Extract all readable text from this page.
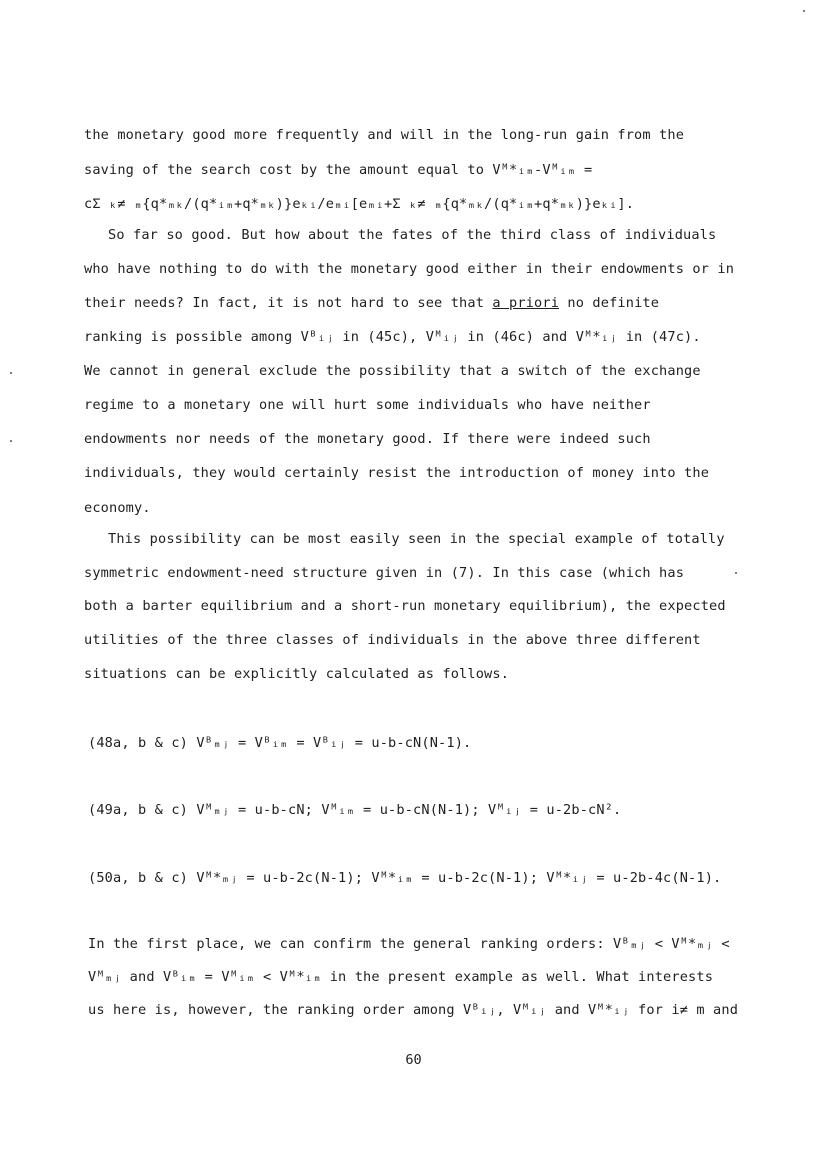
the monetary good more frequently and will in the long-run gain from the
saving of the search cost by the amount equal to Vᴹ*ᵢₘ-Vᴹᵢₘ =
cΣ ₖ≠ ₘ{q*ₘₖ/(q*ᵢₘ+q*ₘₖ)}eₖᵢ/eₘᵢ[eₘᵢ+Σ ₖ≠ ₘ{q*ₘₖ/(q*ᵢₘ+q*ₘₖ)}eₖᵢ].
So far so good. But how about the fates of the third class of individuals
who have nothing to do with the monetary good either in their endowments or in
their needs? In fact, it is not hard to see that a priori no definite
ranking is possible among Vᴮᵢⱼ in (45c), Vᴹᵢⱼ in (46c) and Vᴹ*ᵢⱼ in (47c).
We cannot in general exclude the possibility that a switch of the exchange
regime to a monetary one will hurt some individuals who have neither
endowments nor needs of the monetary good. If there were indeed such
individuals, they would certainly resist the introduction of money into the
economy.
This possibility can be most easily seen in the special example of totally
symmetric endowment-need structure given in (7). In this case (which has
both a barter equilibrium and a short-run monetary equilibrium), the expected
utilities of the three classes of individuals in the above three different
situations can be explicitly calculated as follows.
(48a, b & c) Vᴮₘⱼ = Vᴮᵢₘ = Vᴮᵢⱼ = u-b-cN(N-1).
(49a, b & c) Vᴹₘⱼ = u-b-cN; Vᴹᵢₘ = u-b-cN(N-1); Vᴹᵢⱼ = u-2b-cN².
(50a, b & c) Vᴹ*ₘⱼ = u-b-2c(N-1); Vᴹ*ᵢₘ = u-b-2c(N-1); Vᴹ*ᵢⱼ = u-2b-4c(N-1).
In the first place, we can confirm the general ranking orders: Vᴮₘⱼ < Vᴹ*ₘⱼ <
Vᴹₘⱼ and Vᴮᵢₘ = Vᴹᵢₘ < Vᴹ*ᵢₘ in the present example as well. What interests
us here is, however, the ranking order among Vᴮᵢⱼ, Vᴹᵢⱼ and Vᴹ*ᵢⱼ for i≠ m and
60
